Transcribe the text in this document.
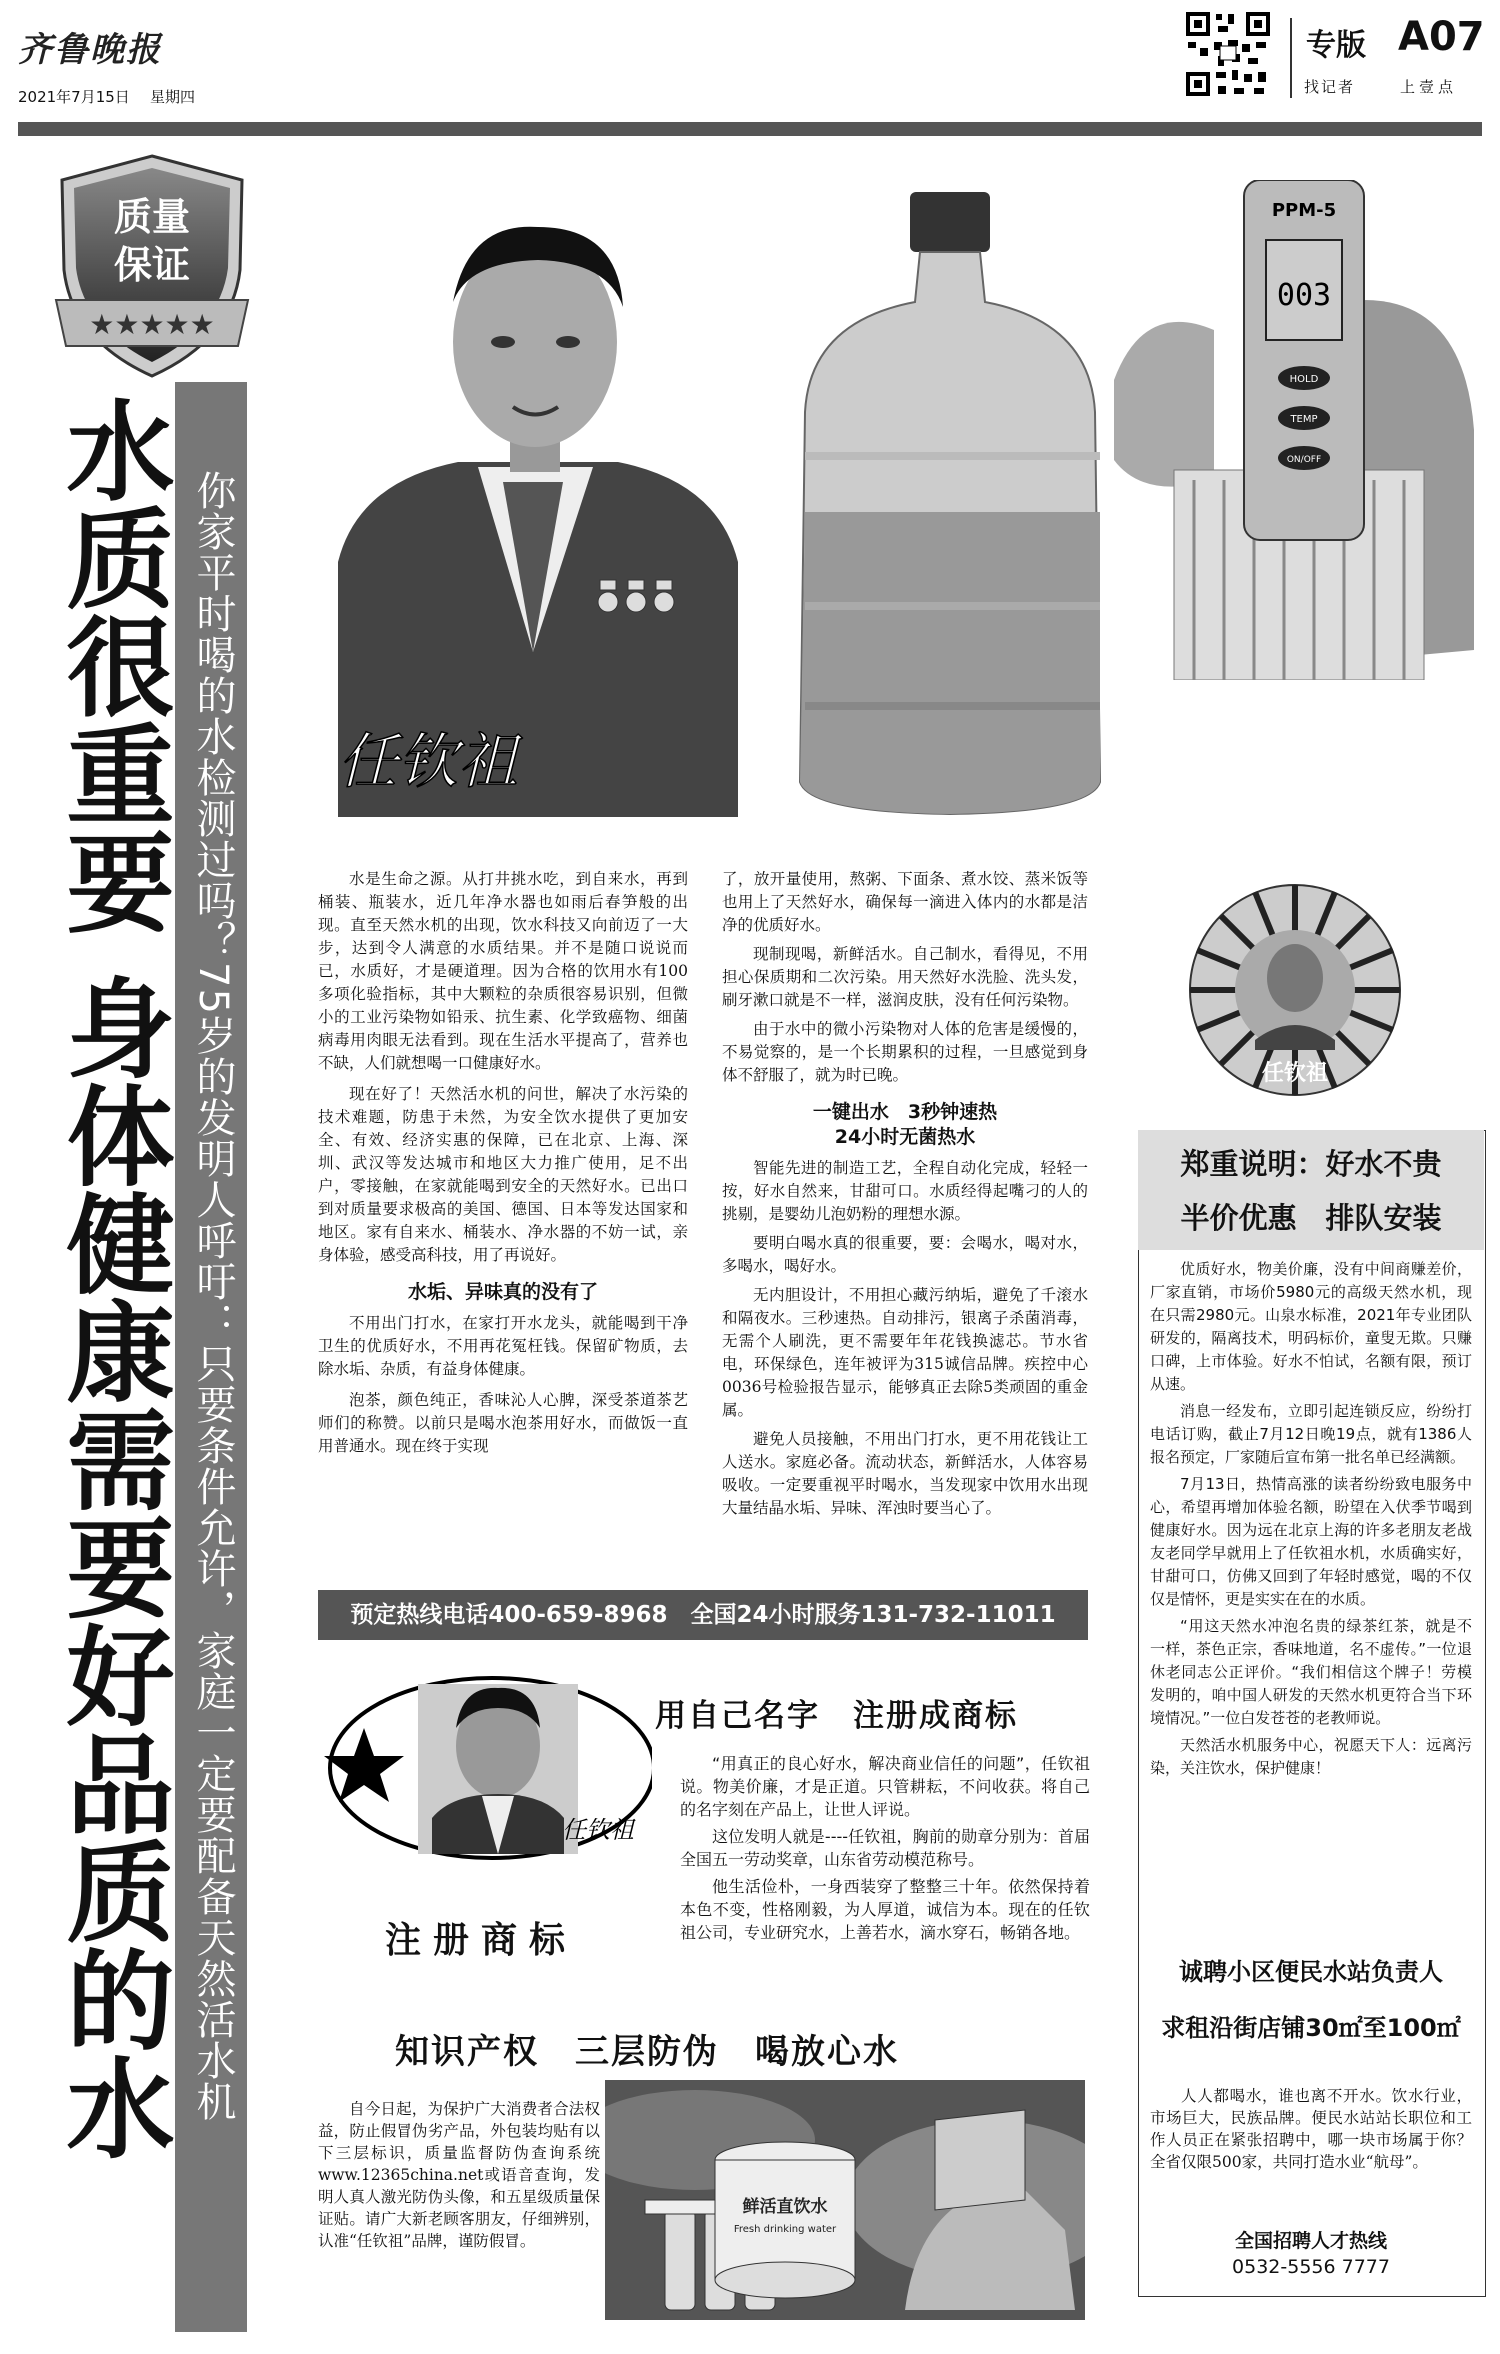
齐鲁晚报
2021年7月15日 星期四
专版 A07
找记者	上壹点
质量
保证
★★★★★
水质很重要 身体健康需要好品质的水 你家平时喝的水检测过吗？75岁的发明人呼吁：只要条件允许，家庭一定要配备天然活水机 任钦祖
PPM-5
003
HOLD
TEMP
ON/OFF

水是生命之源。从打井挑水吃，到自来水，再到桶装、瓶装水，近几年净水器也如雨后春笋般的出现。直至天然水机的出现，饮水科技又向前迈了一大步，达到令人满意的水质结果。并不是随口说说而已，水质好，才是硬道理。因为合格的饮用水有100多项化验指标，其中大颗粒的杂质很容易识别，但微小的工业污染物如铅汞、抗生素、化学致癌物、细菌病毒用肉眼无法看到。现在生活水平提高了，营养也不缺，人们就想喝一口健康好水。

现在好了！天然活水机的问世，解决了水污染的技术难题，防患于未然，为安全饮水提供了更加安全、有效、经济实惠的保障，已在北京、上海、深圳、武汉等发达城市和地区大力推广使用，足不出户，零接触，在家就能喝到安全的天然好水。已出口到对质量要求极高的美国、德国、日本等发达国家和地区。家有自来水、桶装水、净水器的不妨一试，亲身体验，感受高科技，用了再说好。

水垢、异味真的没有了

不用出门打水，在家打开水龙头，就能喝到干净卫生的优质好水，不用再花冤枉钱。保留矿物质，去除水垢、杂质，有益身体健康。

泡茶，颜色纯正，香味沁人心脾，深受茶道茶艺师们的称赞。以前只是喝水泡茶用好水，而做饭一直用普通水。现在终于实现

了，放开量使用，熬粥、下面条、煮水饺、蒸米饭等也用上了天然好水，确保每一滴进入体内的水都是洁净的优质好水。

现制现喝，新鲜活水。自己制水，看得见，不用担心保质期和二次污染。用天然好水洗脸、洗头发，刷牙漱口就是不一样，滋润皮肤，没有任何污染物。

由于水中的微小污染物对人体的危害是缓慢的，不易觉察的，是一个长期累积的过程，一旦感觉到身体不舒服了，就为时已晚。

一键出水　3秒钟速热
24小时无菌热水

智能先进的制造工艺，全程自动化完成，轻轻一按，好水自然来，甘甜可口。水质经得起嘴刁的人的挑剔，是婴幼儿泡奶粉的理想水源。

要明白喝水真的很重要，要：会喝水，喝对水，多喝水，喝好水。

无内胆设计，不用担心藏污纳垢，避免了千滚水和隔夜水。三秒速热。自动排污，银离子杀菌消毒，无需个人刷洗，更不需要年年花钱换滤芯。节水省电，环保绿色，连年被评为315诚信品牌。疾控中心0036号检验报告显示，能够真正去除5类顽固的重金属。

避免人员接触，不用出门打水，更不用花钱让工人送水。家庭必备。流动状态，新鲜活水，人体容易吸收。一定要重视平时喝水，当发现家中饮用水出现大量结晶水垢、异味、浑浊时要当心了。

任钦祖
预定热线电话400-659-8968　全国24小时服务131-732-11011
郑重说明：好水不贵
半价优惠　排队安装

优质好水，物美价廉，没有中间商赚差价，厂家直销，市场价5980元的高级天然水机，现在只需2980元。山泉水标准，2021年专业团队研发的，隔离技术，明码标价，童叟无欺。只赚口碑，上市体验。好水不怕试，名额有限，预订从速。

消息一经发布，立即引起连锁反应，纷纷打电话订购，截止7月12日晚19点，就有1386人报名预定，厂家随后宣布第一批名单已经满额。

7月13日，热情高涨的读者纷纷致电服务中心，希望再增加体验名额，盼望在入伏季节喝到健康好水。因为远在北京上海的许多老朋友老战友老同学早就用上了任钦祖水机，水质确实好，甘甜可口，仿佛又回到了年轻时感觉，喝的不仅仅是情怀，更是实实在在的水质。

“用这天然水冲泡名贵的绿茶红茶，就是不一样，茶色正宗，香味地道，名不虚传。”一位退休老同志公正评价。“我们相信这个牌子！劳模发明的，咱中国人研发的天然水机更符合当下环境情况。”一位白发苍苍的老教师说。

天然活水机服务中心，祝愿天下人：远离污染，关注饮水，保护健康！

诚聘小区便民水站负责人
求租沿街店铺30㎡至100㎡
人人都喝水，谁也离不开水。饮水行业，市场巨大，民族品牌。便民水站站长职位和工作人员正在紧张招聘中，哪一块市场属于你？全省仅限500家，共同打造水业“航母”。
全国招聘人才热线
0532-5556 7777
任钦祖
注册商标
用自己名字　注册成商标

“用真正的良心好水，解决商业信任的问题”，任钦祖说。物美价廉，才是正道。只管耕耘，不问收获。将自己的名字刻在产品上，让世人评说。

这位发明人就是----任钦祖，胸前的勋章分别为：首届全国五一劳动奖章，山东省劳动模范称号。

他生活俭朴，一身西装穿了整整三十年。依然保持着本色不变，性格刚毅，为人厚道，诚信为本。现在的任钦祖公司，专业研究水，上善若水，滴水穿石，畅销各地。

知识产权　三层防伪　喝放心水
自今日起，为保护广大消费者合法权益，防止假冒伪劣产品，外包装均贴有以下三层标识，质量监督防伪查询系统www.12365china.net或语音查询，发明人真人激光防伪头像，和五星级质量保证贴。请广大新老顾客朋友，仔细辨别，认准“任钦祖”品牌，谨防假冒。
鲜活直饮水
Fresh drinking water
